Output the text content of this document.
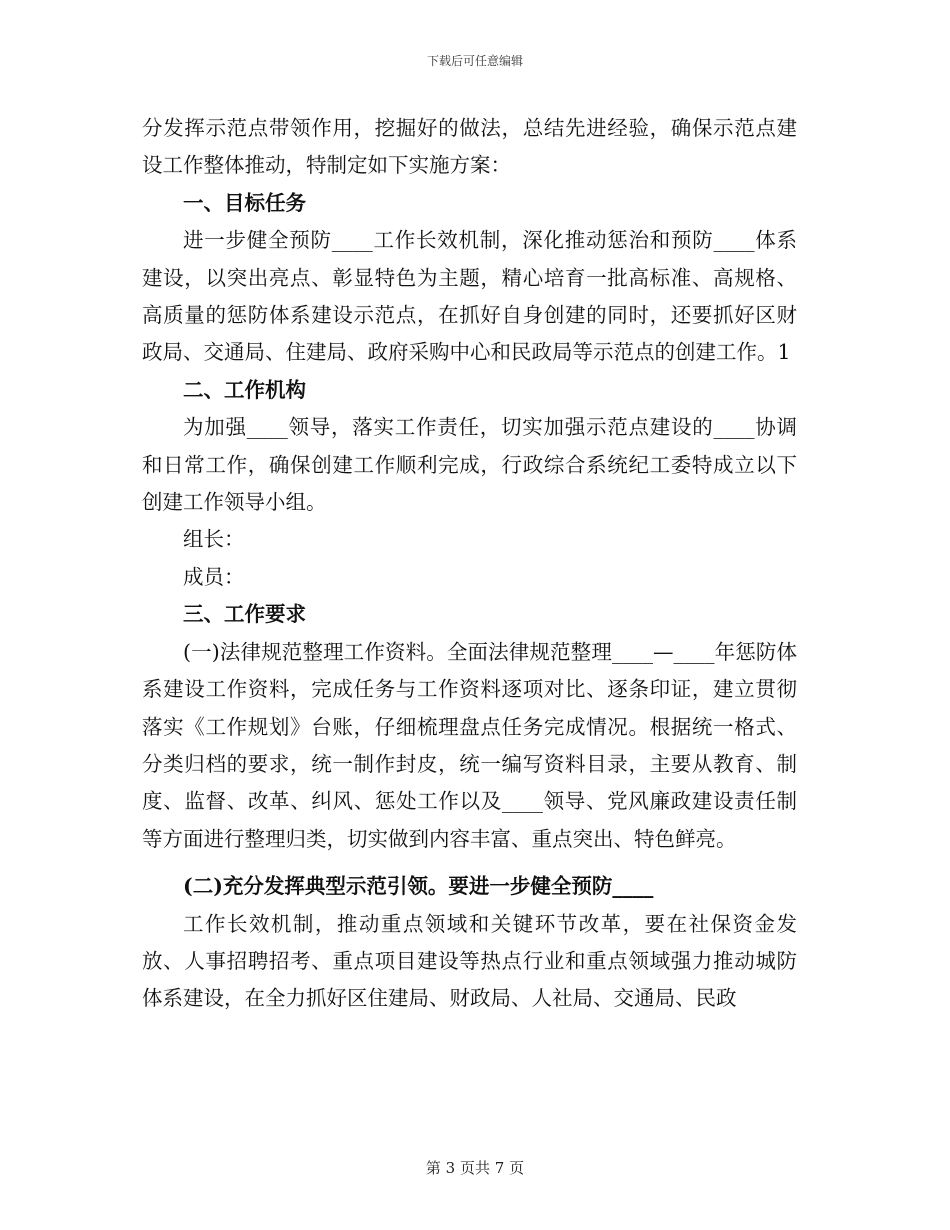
下载后可任意编辑

分发挥示范点带领作用，挖掘好的做法，总结先进经验，确保示范点建设工作整体推动，特制定如下实施方案：

一、目标任务

进一步健全预防____工作长效机制，深化推动惩治和预防____体系建设，以突出亮点、彰显特色为主题，精心培育一批高标准、高规格、高质量的惩防体系建设示范点，在抓好自身创建的同时，还要抓好区财政局、交通局、住建局、政府采购中心和民政局等示范点的创建工作。1

二、工作机构

为加强____领导，落实工作责任，切实加强示范点建设的____协调和日常工作，确保创建工作顺利完成，行政综合系统纪工委特成立以下创建工作领导小组。

组长：

成员：

三、工作要求

(一)法律规范整理工作资料。全面法律规范整理____—____年惩防体系建设工作资料，完成任务与工作资料逐项对比、逐条印证，建立贯彻落实《工作规划》台账，仔细梳理盘点任务完成情况。根据统一格式、分类归档的要求，统一制作封皮，统一编写资料目录，主要从教育、制度、监督、改革、纠风、惩处工作以及____领导、党风廉政建设责任制等方面进行整理归类，切实做到内容丰富、重点突出、特色鲜亮。

(二)充分发挥典型示范引领。要进一步健全预防____

工作长效机制，推动重点领域和关键环节改革，要在社保资金发放、人事招聘招考、重点项目建设等热点行业和重点领域强力推动城防体系建设，在全力抓好区住建局、财政局、人社局、交通局、民政

第 3 页共 7 页
